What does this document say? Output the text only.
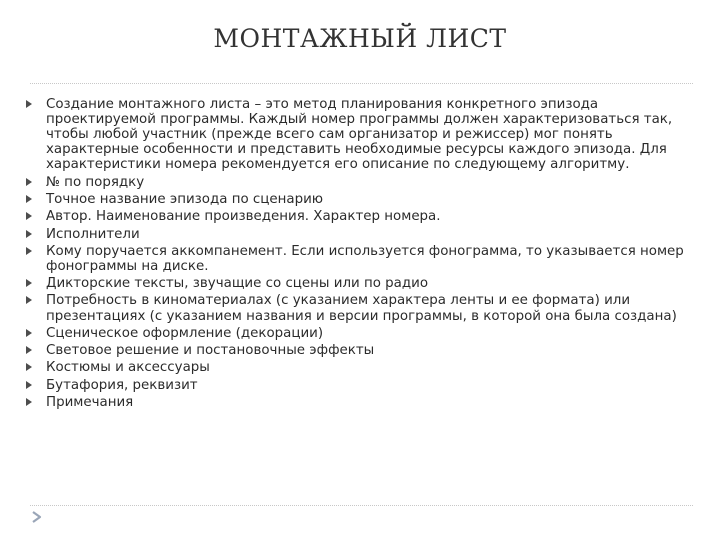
МОНТАЖНЫЙ ЛИСТ
Создание монтажного листа – это метод планирования конкретного эпизода проектируемой программы. Каждый номер программы должен характеризоваться так, чтобы любой участник (прежде всего сам организатор и режиссер) мог понять характерные особенности и представить необходимые ресурсы каждого эпизода. Для характеристики номера рекомендуется его описание по следующему алгоритму.
№ по порядку
Точное название эпизода по сценарию
Автор. Наименование произведения. Характер номера.
Исполнители
Кому поручается аккомпанемент. Если используется фонограмма, то указывается номер фонограммы на диске.
Дикторские тексты, звучащие со сцены или по радио
Потребность в киноматериалах (с указанием характера ленты и ее формата) или презентациях (с указанием названия и версии программы, в которой она была создана)
Сценическое оформление (декорации)
Световое решение и постановочные эффекты
Костюмы и аксессуары
Бутафория, реквизит
Примечания
